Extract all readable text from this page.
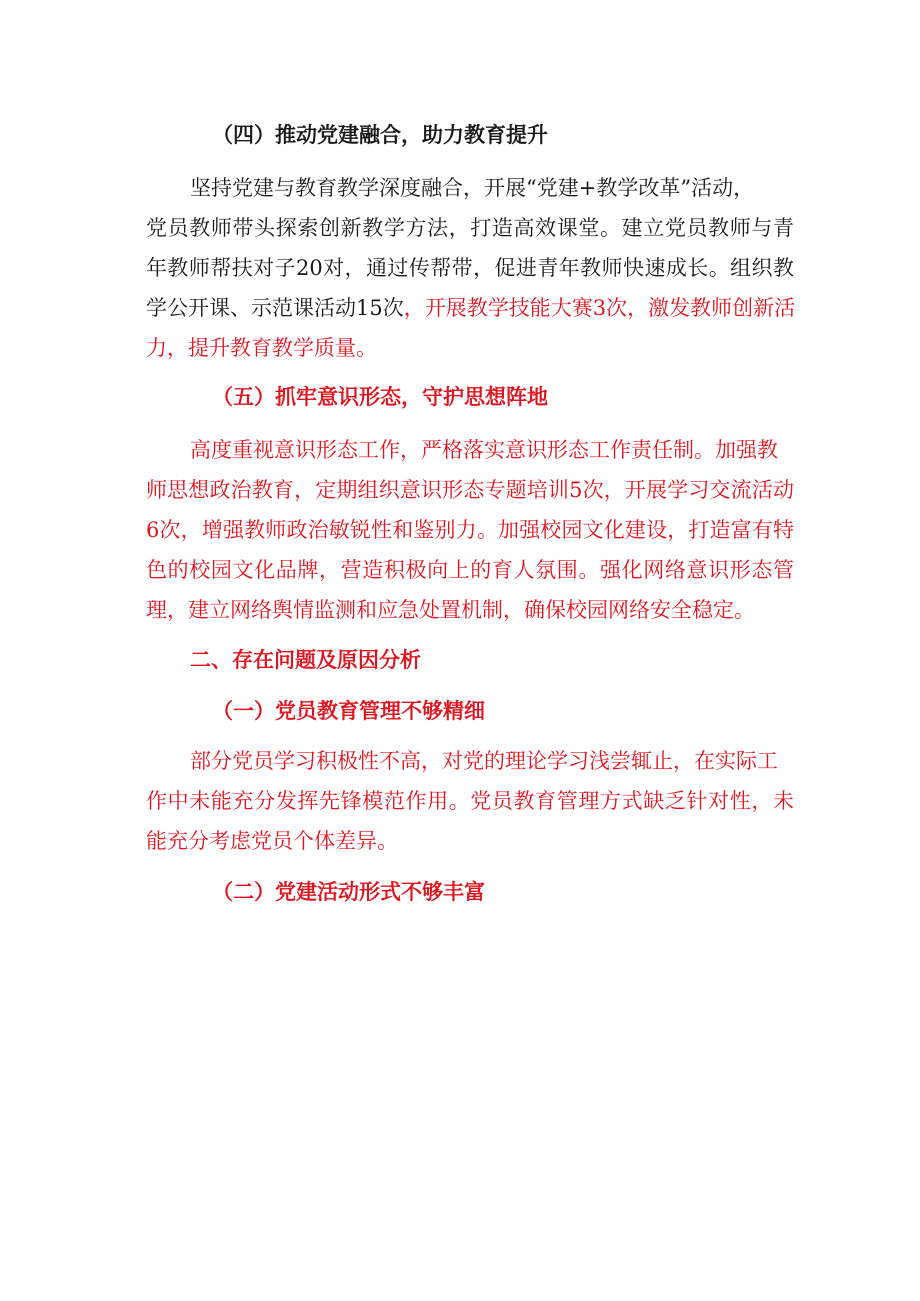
（四）推动党建融合，助力教育提升
坚持党建与教育教学深度融合，开展“党建+教学改革”活动，
党员教师带头探索创新教学方法，打造高效课堂。建立党员教师与青
年教师帮扶对子20对，通过传帮带，促进青年教师快速成长。组织教
学公开课、示范课活动15次，开展教学技能大赛3次，激发教师创新活
力，提升教育教学质量。
（五）抓牢意识形态，守护思想阵地
高度重视意识形态工作，严格落实意识形态工作责任制。加强教
师思想政治教育，定期组织意识形态专题培训5次，开展学习交流活动
6次，增强教师政治敏锐性和鉴别力。加强校园文化建设，打造富有特
色的校园文化品牌，营造积极向上的育人氛围。强化网络意识形态管
理，建立网络舆情监测和应急处置机制，确保校园网络安全稳定。
二、存在问题及原因分析
（一）党员教育管理不够精细
部分党员学习积极性不高，对党的理论学习浅尝辄止，在实际工
作中未能充分发挥先锋模范作用。党员教育管理方式缺乏针对性，未
能充分考虑党员个体差异。
（二）党建活动形式不够丰富
